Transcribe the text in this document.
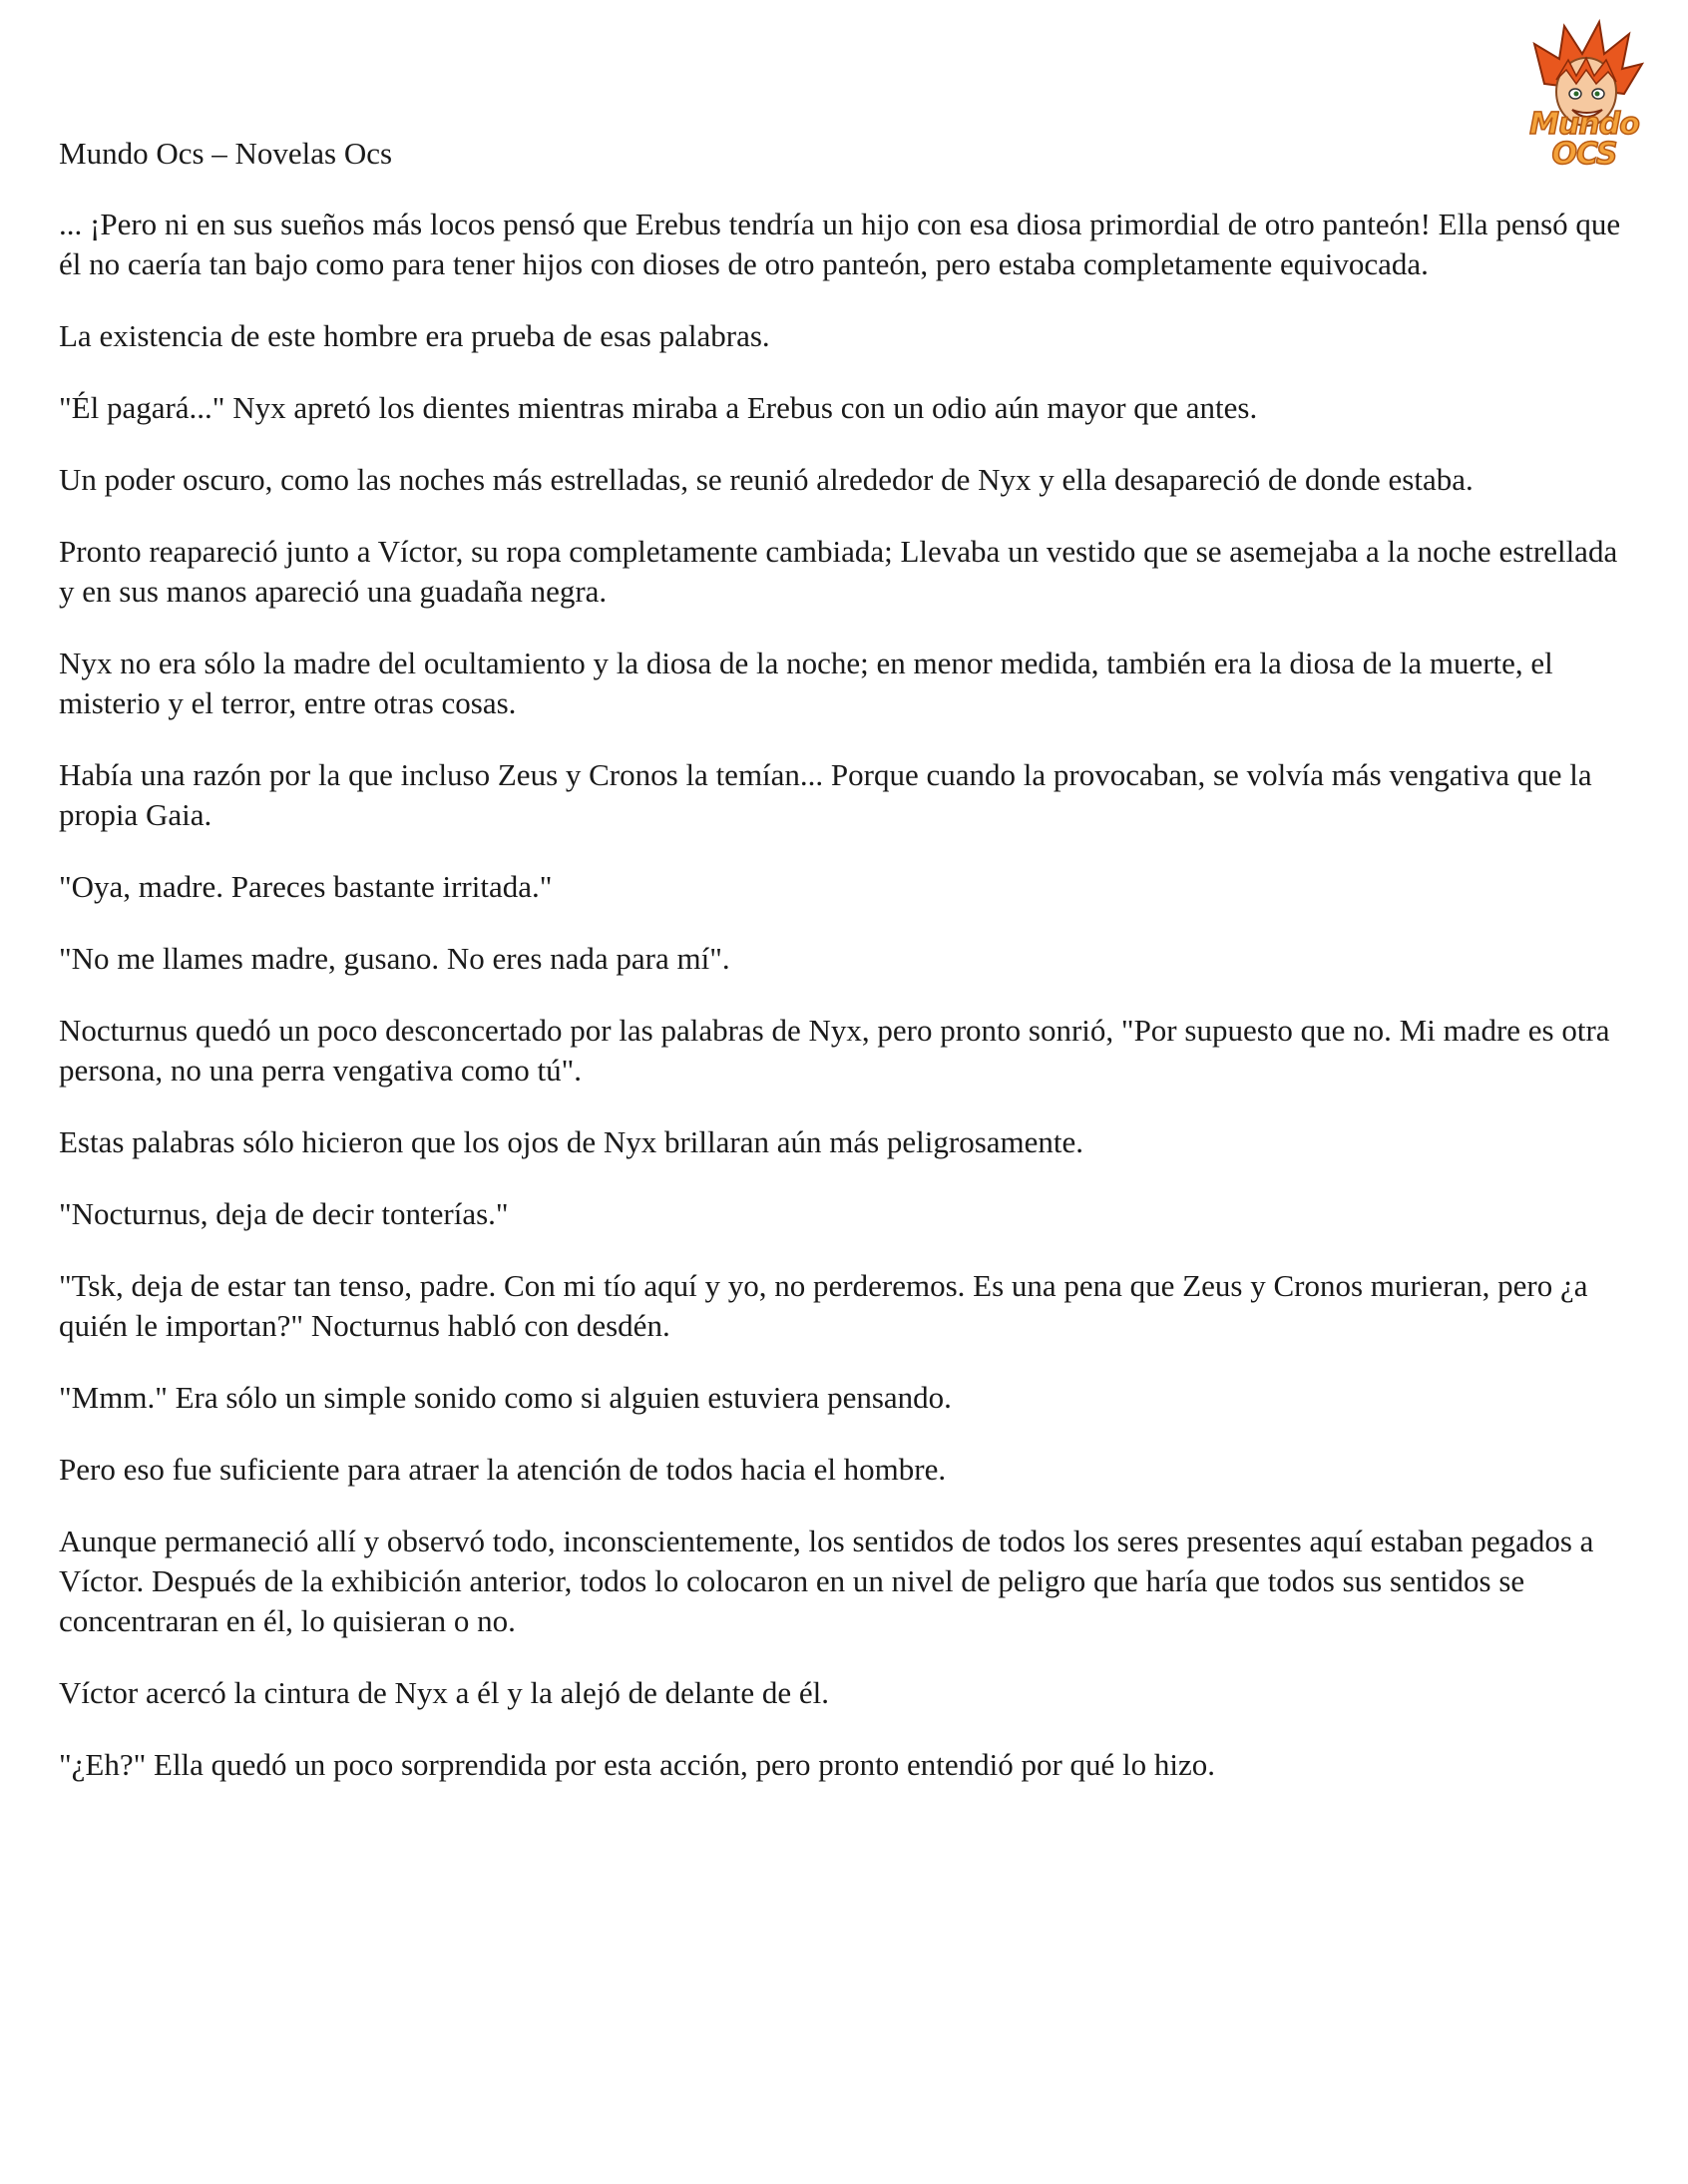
Mundo OCS
Mundo Ocs – Novelas Ocs

... ¡Pero ni en sus sueños más locos pensó que Erebus tendría un hijo con esa diosa primordial de otro panteón! Ella pensó que él no caería tan bajo como para tener hijos con dioses de otro panteón, pero estaba completamente equivocada.

La existencia de este hombre era prueba de esas palabras.

"Él pagará..." Nyx apretó los dientes mientras miraba a Erebus con un odio aún mayor que antes.

Un poder oscuro, como las noches más estrelladas, se reunió alrededor de Nyx y ella desapareció de donde estaba.

Pronto reapareció junto a Víctor, su ropa completamente cambiada; Llevaba un vestido que se asemejaba a la noche estrellada y en sus manos apareció una guadaña negra.

Nyx no era sólo la madre del ocultamiento y la diosa de la noche; en menor medida, también era la diosa de la muerte, el misterio y el terror, entre otras cosas.

Había una razón por la que incluso Zeus y Cronos la temían... Porque cuando la provocaban, se volvía más vengativa que la propia Gaia.

"Oya, madre. Pareces bastante irritada."

"No me llames madre, gusano. No eres nada para mí".

Nocturnus quedó un poco desconcertado por las palabras de Nyx, pero pronto sonrió, "Por supuesto que no. Mi madre es otra persona, no una perra vengativa como tú".

Estas palabras sólo hicieron que los ojos de Nyx brillaran aún más peligrosamente.

"Nocturnus, deja de decir tonterías."

"Tsk, deja de estar tan tenso, padre. Con mi tío aquí y yo, no perderemos. Es una pena que Zeus y Cronos murieran, pero ¿a quién le importan?" Nocturnus habló con desdén.

"Mmm." Era sólo un simple sonido como si alguien estuviera pensando.

Pero eso fue suficiente para atraer la atención de todos hacia el hombre.

Aunque permaneció allí y observó todo, inconscientemente, los sentidos de todos los seres presentes aquí estaban pegados a Víctor. Después de la exhibición anterior, todos lo colocaron en un nivel de peligro que haría que todos sus sentidos se concentraran en él, lo quisieran o no.

Víctor acercó la cintura de Nyx a él y la alejó de delante de él.

"¿Eh?" Ella quedó un poco sorprendida por esta acción, pero pronto entendió por qué lo hizo.
